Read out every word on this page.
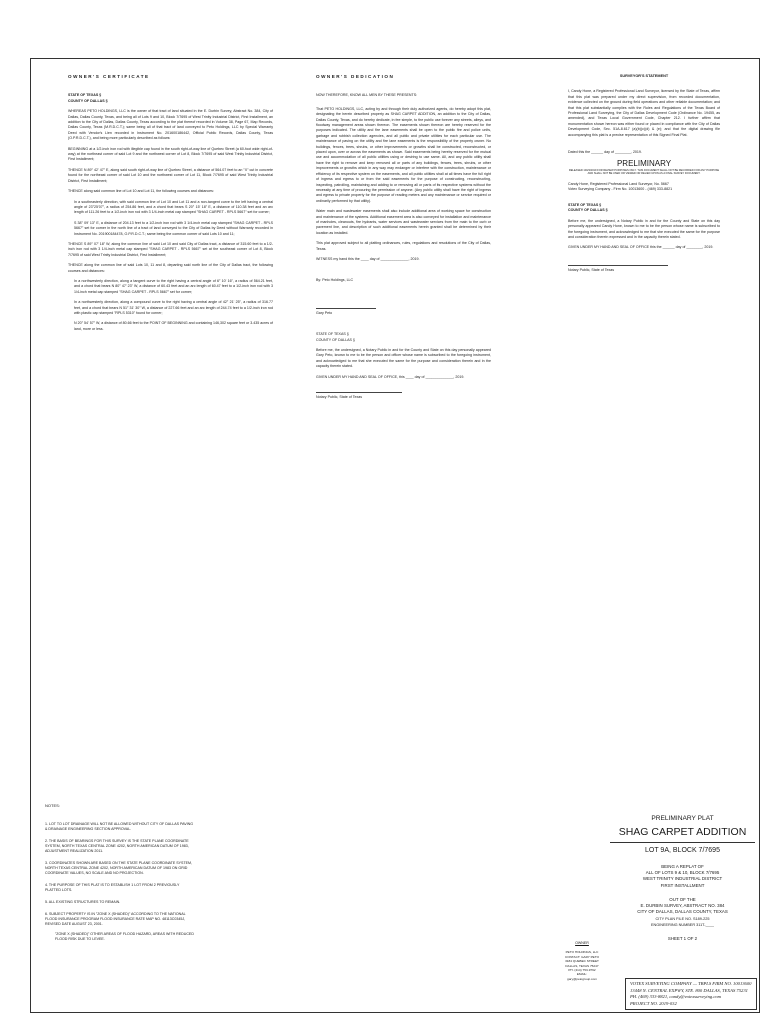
OWNER'S CERTIFICATE

STATE OF TEXAS §
COUNTY OF DALLAS §

WHEREAS PETO HOLDINGS, LLC is the owner of that tract of land situated in the E. Durbin Survey, Abstract No. 384, City of Dallas, Dallas County, Texas, and being all of Lots 9 and 10, Block 7/7695 of West Trinity Industrial District, First Installment, an addition to the City of Dallas, Dallas County, Texas according to the plat thereof recorded in Volume 38, Page 67, Map Records, Dallas County, Texas (M.R.D.C.T.); same being all of that tract of land conveyed to Peto Holdings, LLC by Special Warranty Deed with Vendor's Lien recorded in Instrument No. 201600186442, Official Public Records, Dallas County, Texas (O.P.R.D.C.T.), and being more particularly described as follows:

BEGINNING at a 1/2-inch iron rod with illegible cap found in the south right-of-way line of Quebec Street (a 60-foot wide right-of-way) at the northeast corner of said Lot 9 and the northwest corner of Lot 8, Block 7/7695 of said West Trinity Industrial District, First Installment;

THENCE N 89° 42' 47" E, along said south right-of-way line of Quebec Street, a distance of 564.07 feet to an "X" cut in concrete found for the northeast corner of said Lot 10 and the northwest corner of Lot 11, Block 7/7695 of said West Trinity Industrial District, First Installment;

THENCE along said common line of Lot 10 and Lot 11, the following courses and distances:

In a southeasterly direction, with said common line of Lot 10 and Lot 11 and a non-tangent curve to the left having a central angle of 23°25'07", a radius of 254.86 feet, and a chord that bears S 20° 15' 18" E, a distance of 110.38 feet and an arc length of 111.26 feet to a 1/2-inch iron rod with 3 1/4-inch metal cap stamped "SHAG CARPET - RPLS 5667" set for corner;

S 38° 09' 13" E, a distance of 204.13 feet to a 1/2-inch iron rod with 3 1/4-inch metal cap stamped "SHAG CARPET - RPLS 5667" set for corner in the north line of a tract of land conveyed to the City of Dallas by Deed without Warranty recorded in Instrument No. 201900184478, O.P.R.D.C.T.; same being the common corner of said Lots 10 and 11;

THENCE S 89° 07' 18" W, along the common line of said Lot 10 and said City of Dallas tract, a distance of 315.60 feet to a 1/2-inch iron rod with 3 1/4-inch metal cap stamped "SHAG CARPET - RPLS 5667" set at the southeast corner of Lot 8, Block 7/7695 of said West Trinity Industrial District, First Installment;

THENCE along the common line of said Lots 10, 11 and 8, departing said north line of the City of Dallas tract, the following courses and distances:

In a northwesterly direction, along a tangent curve to the right having a central angle of 6° 10' 16", a radius of 564.21 feet, and a chord that bears N 80° 47' 23" W, a distance of 60.43 feet and an arc length of 60.47 feet to a 1/2-inch iron rod with 3 1/4-inch metal cap stamped "SHAG CARPET - RPLS 5667" set for corner;

In a northwesterly direction, along a compound curve to the right having a central angle of 42° 21' 25", a radius of 316.77 feet, and a chord that bears N 51° 31' 30" W, a distance of 227.66 feet and an arc length of 244.74 feet to a 1/2-inch iron rod with plastic cap stamped "RPLS 5310" found for corner;

N 20° 54' 57" W, a distance of 80.66 feet to the POINT OF BEGINNING and containing 146,302 square feet or 3.435 acres of land, more or less.

OWNER'S DEDICATION

NOW THEREFORE, KNOW ALL MEN BY THESE PRESENTS:

That PETO HOLDINGS, LLC, acting by and through their duly authorized agents, do hereby adopt this plat, designating the herein described property as SHAG CARPET ADDITION, an addition to the City of Dallas, Dallas County, Texas, and do hereby dedicate, in fee simple, to the public use forever any streets, alleys, and floodway management areas shown thereon. The easements shown thereon are hereby reserved for the purposes indicated. The utility and fire lane easements shall be open to the public fire and police units, garbage and rubbish collection agencies, and all public and private utilities for each particular use. The maintenance of paving on the utility and fire lane easements is the responsibility of the property owner. No buildings, fences, trees, shrubs, or other improvements or growths shall be constructed, reconstructed, or placed upon, over or across the easements as shown. Said easements being hereby reserved for the mutual use and accommodation of all public utilities using or desiring to use same. All, and any public utility shall have the right to remove and keep removed all or parts of any buildings, fences, trees, shrubs, or other improvements or growths which in any way may endanger or interfere with the construction, maintenance or efficiency of its respective system on the easements, and all public utilities shall at all times have the full right of ingress and egress to or from the said easements for the purpose of constructing, reconstructing, inspecting, patrolling, maintaining and adding to or removing all or parts of its respective systems without the necessity at any time of procuring the permission of anyone. (Any public utility shall have the right of ingress and egress to private property for the purpose of reading meters and any maintenance or service required or ordinarily performed by that utility).

Water main and wastewater easements shall also include additional area of working space for construction and maintenance of the systems. Additional easement area is also conveyed for installation and maintenance of manholes, cleanouts, fire hydrants, water services and wastewater services from the main to the curb or pavement line, and description of such additional easements herein granted shall be determined by their location as installed.

This plat approved subject to all platting ordinances, rules, regulations and resolutions of the City of Dallas, Texas.

WITNESS my hand this the ____ day of ______________, 2019.

By: Peto Holdings, LLC

Gary Peto

STATE OF TEXAS §
COUNTY OF DALLAS §

Before me, the undersigned, a Notary Public in and for the County and State on this day personally appeared Gary Peto, known to me to be the person and officer whose name is subscribed to the foregoing instrument, and acknowledged to me that she executed the same for the purpose and consideration therein and in the capacity therein stated.

GIVEN UNDER MY HAND AND SEAL OF OFFICE, this ____ day of ______________, 2019.

Notary Public, State of Texas

SURVEYOR'S STATEMENT

I, Candy Hone, a Registered Professional Land Surveyor, licensed by the State of Texas, affirm that this plat was prepared under my direct supervision, from recorded documentation, evidence collected on the ground during field operations and other reliable documentation; and that this plat substantially complies with the Rules and Regulations of the Texas Board of Professional Land Surveying, the City of Dallas Development Code (Ordinance No. 19455, as amended), and Texas Local Government Code, Chapter 212. I further affirm that monumentation shown hereon was either found or placed in compliance with the City of Dallas Development Code, Sec. 51A-8.617 (a)(b)(c)(d) & (e); and that the digital drawing file accompanying this plat is a precise representation of this Signed Final Plat.

Dated this the ______ day of ________, 2019.

PRELIMINARY
RELEASED 10/23/2019 FOR REVIEW PURPOSES ONLY. THIS DOCUMENT SHALL NOT BE RECORDED FOR ANY PURPOSE AND SHALL NOT BE USED OR VIEWED OR RELIED UPON AS A FINAL SURVEY DOCUMENT.

Candy Hone, Registered Professional Land Surveyor, No. 5667

Votex Surveying Company - Firm No. 10013600 - (469) 333-8821

STATE OF TEXAS §
COUNTY OF DALLAS §

Before me, the undersigned, a Notary Public in and for the County and State on this day personally appeared Candy Hone, known to me to be the person whose name is subscribed to the foregoing instrument, and acknowledged to me that she executed the same for the purpose and consideration therein expressed and in the capacity therein stated.

GIVEN UNDER MY HAND AND SEAL OF OFFICE this the ______ day of ________, 2019.

Notary Public, State of Texas

NOTES:

1. LOT TO LOT DRAINAGE WILL NOT BE ALLOWED WITHOUT CITY OF DALLAS PAVING & DRAINAGE ENGINEERING SECTION APPROVAL.

2. THE BASIS OF BEARINGS FOR THIS SURVEY IS THE STATE PLANE COORDINATE SYSTEM, NORTH TEXAS CENTRAL ZONE 4202, NORTH AMERICAN DATUM OF 1983, ADJUSTMENT REALIZATION 2011.

3. COORDINATES SHOWN ARE BASED ON THE STATE PLANE COORDINATE SYSTEM, NORTH TEXAS CENTRAL ZONE 4202, NORTH AMERICAN DATUM OF 1983 ON GRID COORDINATE VALUES, NO SCALE AND NO PROJECTION.

4. THE PURPOSE OF THIS PLAT IS TO ESTABLISH 1 LOT FROM 2 PREVIOUSLY PLATTED LOTS.

5. ALL EXISTING STRUCTURES TO REMAIN.

6. SUBJECT PROPERTY IS IN "ZONE X (SHADED)" ACCORDING TO THE NATIONAL FLOOD INSURANCE PROGRAM FLOOD INSURANCE RATE MAP NO. 48113C0345J, REVISED DATE AUGUST 23, 2001.

"ZONE X (SHADED)" OTHER AREAS OF FLOOD HAZARD, AREAS WITH REDUCED FLOOD RISK DUE TO LEVEE.

OWNER
PETO HOLDINGS, LLC
CONTACT: GARY PETO
3184 QUEBEC STREET
DALLAS, TEXAS 75247
PH. (214) 753-9792
EMAIL: gary@petogroup.com
PRELIMINARY PLAT
SHAG CARPET ADDITION
LOT 9A, BLOCK 7/7695
BEING A REPLAT OF
ALL OF LOTS 9 & 10, BLOCK 7/7695
WEST TRINITY INDUSTRIAL DISTRICT
FIRST INSTALLMENT
OUT OF THE
E. DURBIN SURVEY, ABSTRACT NO. 384
CITY OF DALLAS, DALLAS COUNTY, TEXAS
CITY PLAN FILE NO. S189-225
ENGINEERING NUMBER 311T-____
SHEET 1 OF 2
VOTEX SURVEYING COMPANY — TBPLS FIRM NO. 10013600
13448 N. CENTRAL EXPWY, STE. 800 DALLAS, TEXAS 75231
PH. (469) 333-8821, candy@votexsurveying.com
PROJECT NO. 2019-032
